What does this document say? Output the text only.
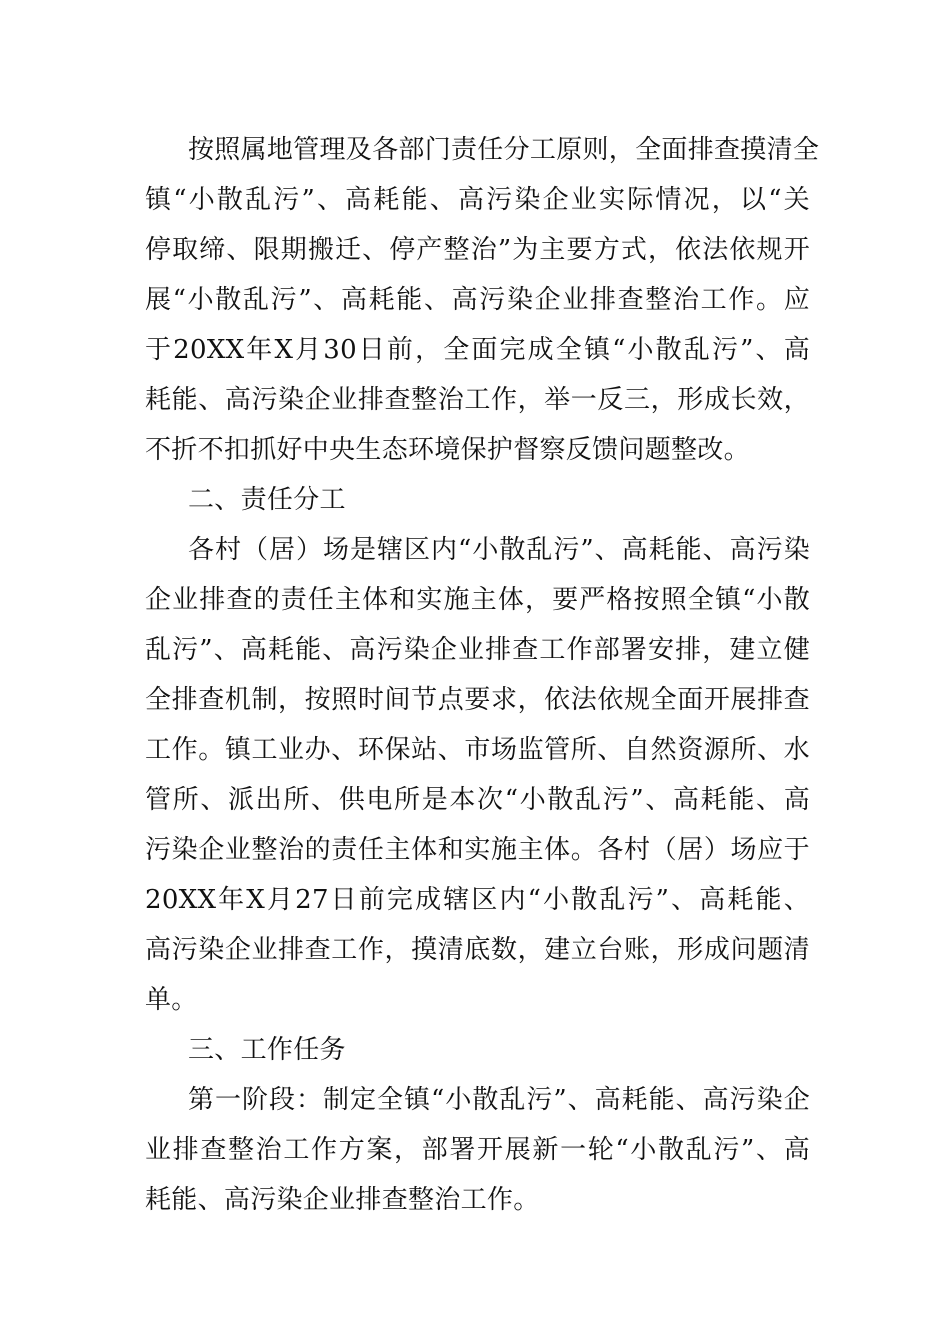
按照属地管理及各部门责任分工原则，全面排查摸清全
镇“小散乱污”、高耗能、高污染企业实际情况，以“关
停取缔、限期搬迁、停产整治”为主要方式，依法依规开
展“小散乱污”、高耗能、高污染企业排查整治工作。应
于20XX年X月30日前，全面完成全镇“小散乱污”、高
耗能、高污染企业排查整治工作，举一反三，形成长效，
不折不扣抓好中央生态环境保护督察反馈问题整改。
二、责任分工
各村（居）场是辖区内“小散乱污”、高耗能、高污染
企业排查的责任主体和实施主体，要严格按照全镇“小散
乱污”、高耗能、高污染企业排查工作部署安排，建立健
全排查机制，按照时间节点要求，依法依规全面开展排查
工作。镇工业办、环保站、市场监管所、自然资源所、水
管所、派出所、供电所是本次“小散乱污”、高耗能、高
污染企业整治的责任主体和实施主体。各村（居）场应于
20XX年X月27日前完成辖区内“小散乱污”、高耗能、
高污染企业排查工作，摸清底数，建立台账，形成问题清
单。
三、工作任务
第一阶段：制定全镇“小散乱污”、高耗能、高污染企
业排查整治工作方案，部署开展新一轮“小散乱污”、高
耗能、高污染企业排查整治工作。
